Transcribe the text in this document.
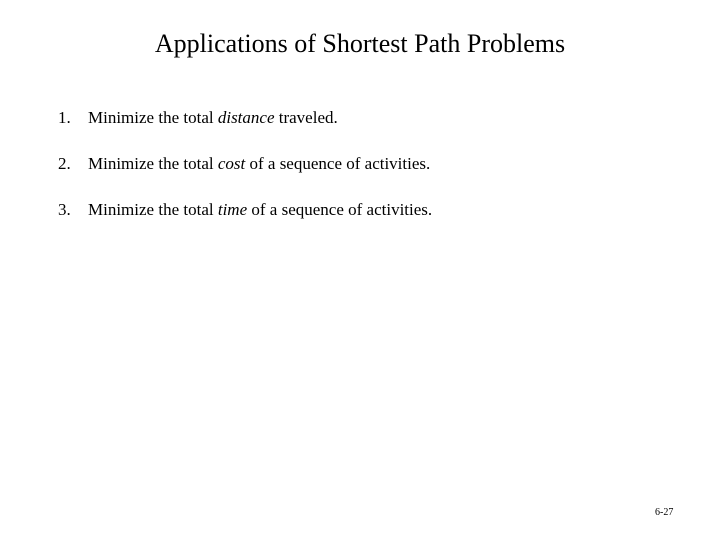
Applications of Shortest Path Problems
1. Minimize the total distance traveled.
2. Minimize the total cost of a sequence of activities.
3. Minimize the total time of a sequence of activities.
6-27
